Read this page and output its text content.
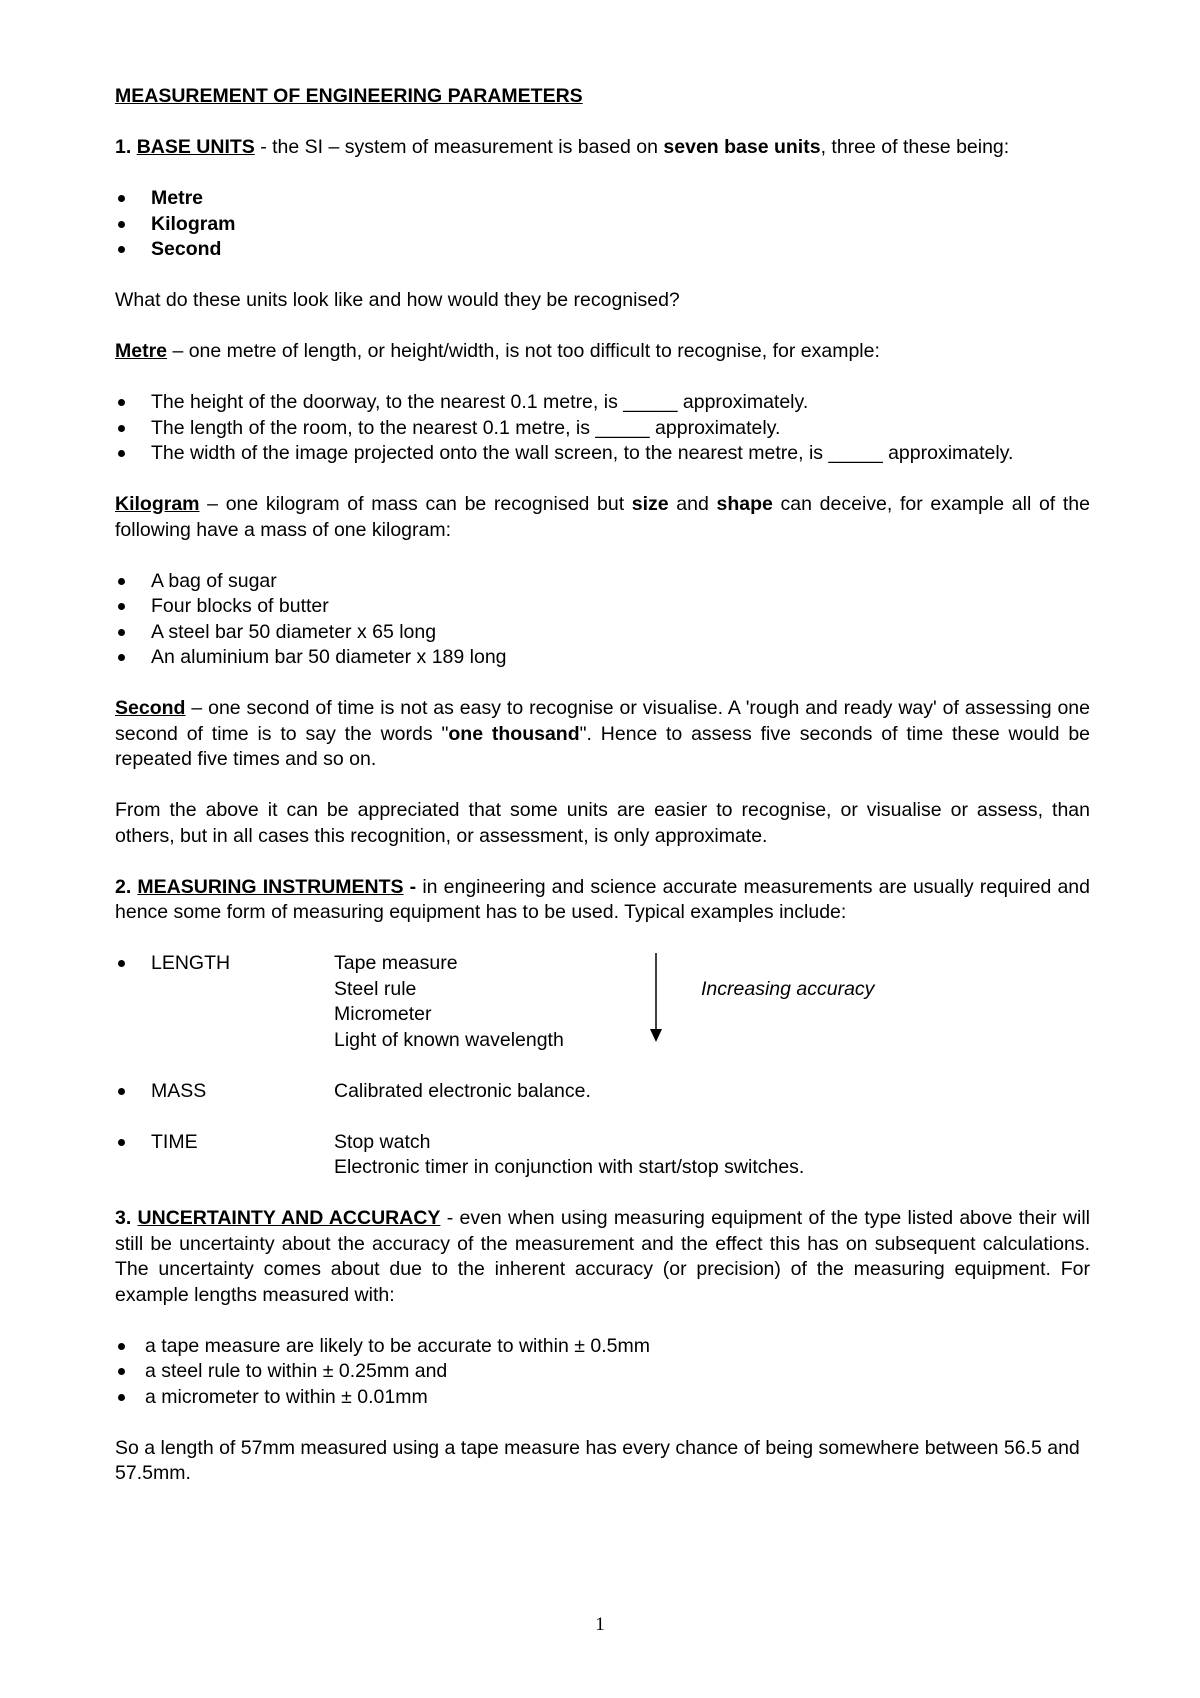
MEASUREMENT OF ENGINEERING PARAMETERS

1. BASE UNITS - the SI – system of measurement is based on seven base units, three of these being:

Metre
Kilogram
Second

What do these units look like and how would they be recognised?

Metre – one metre of length, or height/width, is not too difficult to recognise, for example:

The height of the doorway, to the nearest 0.1 metre, is _____ approximately.
The length of the room, to the nearest 0.1 metre, is _____ approximately.
The width of the image projected onto the wall screen, to the nearest metre, is _____ approximately.

Kilogram – one kilogram of mass can be recognised but size and shape can deceive, for example all of the following have a mass of one kilogram:

A bag of sugar
Four blocks of butter
A steel bar 50 diameter x 65 long
An aluminium bar 50 diameter x 189 long

Second – one second of time is not as easy to recognise or visualise. A 'rough and ready way' of assessing one second of time is to say the words "one thousand". Hence to assess five seconds of time these would be repeated five times and so on.

From the above it can be appreciated that some units are easier to recognise, or visualise or assess, than others, but in all cases this recognition, or assessment, is only approximate.

2. MEASURING INSTRUMENTS - in engineering and science accurate measurements are usually required and hence some form of measuring equipment has to be used. Typical examples include:

LENGTH	Tape measure
Steel rule
Micrometer
Light of known wavelength
Increasing accuracy
MASS	Calibrated electronic balance.
TIME	Stop watch
Electronic timer in conjunction with start/stop switches.

3. UNCERTAINTY AND ACCURACY - even when using measuring equipment of the type listed above their will still be uncertainty about the accuracy of the measurement and the effect this has on subsequent calculations. The uncertainty comes about due to the inherent accuracy (or precision) of the measuring equipment. For example lengths measured with:

a tape measure are likely to be accurate to within ± 0.5mm
a steel rule to within ± 0.25mm and
a micrometer to within ± 0.01mm

So a length of 57mm measured using a tape measure has every chance of being somewhere between 56.5 and 57.5mm.

1
